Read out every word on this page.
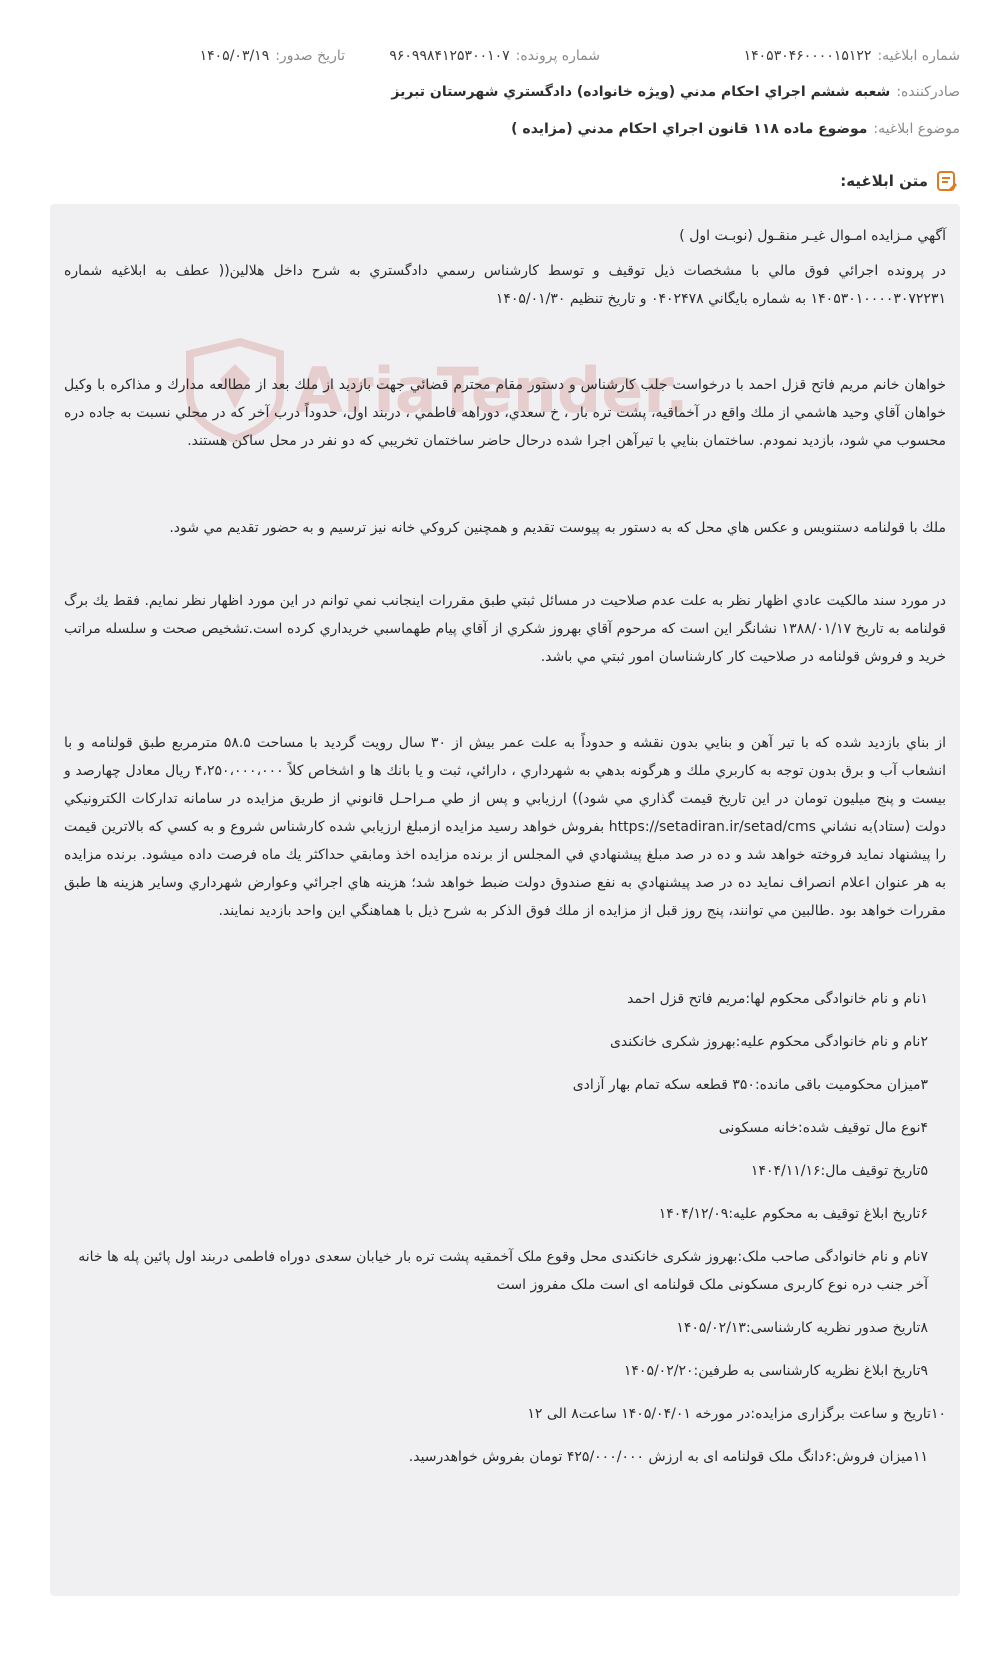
شماره ابلاغيه:۱۴۰۵۳۰۴۶۰۰۰۰۱۵۱۲۲
شماره پرونده:۹۶۰۹۹۸۴۱۲۵۳۰۰۱۰۷
تاريخ صدور:۱۴۰۵/۰۳/۱۹
صادرکننده:شعبه ششم اجراي احكام مدني (ويژه خانواده) دادگستري شهرستان تبريز
موضوع ابلاغيه:موضوع ماده ۱۱۸ قانون اجراي احكام مدني (مزايده )
متن ابلاغيه:
AriaTender.

آگهي مـزايده امـوال غيـر منقـول (نوبـت اول )

در پرونده اجرائي فوق مالي با مشخصات ذيل توقيف و توسط كارشناس رسمي دادگستري به شرح داخل هلالين(( عطف به ابلاغيه شماره ۱۴۰۵۳۰۱۰۰۰۰۳۰۷۲۲۳۱ به شماره بايگاني ۰۴۰۲۴۷۸ و تاريخ تنظيم ۱۴۰۵/۰۱/۳۰

خواهان خانم مريم فاتح قزل احمد با درخواست جلب كارشناس و دستور مقام محترم قضائي جهت بازديد از ملك بعد از مطالعه مدارك و مذاكره با وكيل خواهان آقاي وحيد هاشمي از ملك واقع در آخماقيه، پشت تره بار ، خ سعدي، دوراهه فاطمي ، دربند اول، حدوداً درب آخر كه در محلي نسبت به جاده دره محسوب مي شود، بازديد نمودم. ساختمان بنايي با تيرآهن اجرا شده درحال حاضر ساختمان تخريبي كه دو نفر در محل ساكن هستند.

ملك با قولنامه دستنويس و عكس هاي محل كه به دستور به پيوست تقديم و همچنين كروكي خانه نيز ترسيم و به حضور تقديم مي شود.

در مورد سند مالكيت عادي اظهار نظر به علت عدم صلاحيت در مسائل ثبتي طبق مقررات اينجانب نمي توانم در اين مورد اظهار نظر نمايم. فقط يك برگ قولنامه به تاريخ ۱۳۸۸/۰۱/۱۷ نشانگر اين است كه مرحوم آقاي بهروز شكري از آقاي پيام طهماسبي خريداري كرده است.تشخيص صحت و سلسله مراتب خريد و فروش قولنامه در صلاحيت كار كارشناسان امور ثبتي مي باشد.

از بناي بازديد شده كه با تير آهن و بنايي بدون نقشه و حدوداً به علت عمر بيش از ۳۰ سال رويت گرديد با مساحت ۵۸.۵ مترمربع طبق قولنامه و با انشعاب آب و برق بدون توجه به كاربري ملك و هرگونه بدهي به شهرداري ، دارائي، ثبت و يا بانك ها و اشخاص كلاً ۴،۲۵۰،۰۰۰،۰۰۰ ريال معادل چهارصد و بيست و پنج ميليون تومان در اين تاريخ قيمت گذاري مي شود)) ارزيابي و پس از طي مـراحـل قانوني از طريق مزايده در سامانه تداركات الكترونيكي دولت (ستاد)به نشاني https://setadiran.ir/setad/cms بفروش خواهد رسيد مزايده ازمبلغ ارزيابي شده كارشناس شروع و به كسي كه بالاترين قيمت را پيشنهاد نمايد فروخته خواهد شد و ده در صد مبلغ پيشنهادي في المجلس از برنده مزايده اخذ ومابقي حداكثر يك ماه فرصت داده ميشود. برنده مزايده به هر عنوان اعلام انصراف نمايد ده در صد پيشنهادي به نفع صندوق دولت ضبط خواهد شد؛ هزينه هاي اجرائي وعوارض شهرداري وساير هزينه ها طبق مقررات خواهد بود .طالبين مي توانند، پنج روز قبل از مزايده از ملك فوق الذكر به شرح ذيل با هماهنگي اين واحد بازديد نمايند.

۱نام و نام خانوادگی محکوم لها:مریم فاتح قزل احمد
۲نام و نام خانوادگی محکوم علیه:بهروز شکری خانکندی
۳میزان محکومیت باقی مانده:۳۵۰ قطعه سکه تمام بهار آزادی
۴نوع مال توقیف شده:خانه مسکونی
۵تاریخ توقیف مال:۱۴۰۴/۱۱/۱۶
۶تاریخ ابلاغ توقیف به محکوم علیه:۱۴۰۴/۱۲/۰۹
۷نام و نام خانوادگی صاحب ملک:بهروز شکری خانکندی محل وقوع ملک آخمقیه پشت تره بار خیابان سعدی دوراه فاطمی دربند اول پائین پله ها خانه آخر جنب دره نوع کاربری مسکونی ملک قولنامه ای است ملک مفروز است
۸تاریخ صدور نظریه کارشناسی:۱۴۰۵/۰۲/۱۳
۹تاریخ ابلاغ نظریه کارشناسی به طرفین:۱۴۰۵/۰۲/۲۰
۱۰تاریخ و ساعت برگزاری مزایده:در مورخه ۱۴۰۵/۰۴/۰۱ ساعت۸ الی ۱۲
۱۱میزان فروش:۶دانگ ملک قولنامه ای به ارزش ۴۲۵/۰۰۰/۰۰۰ تومان بفروش خواهدرسید.
